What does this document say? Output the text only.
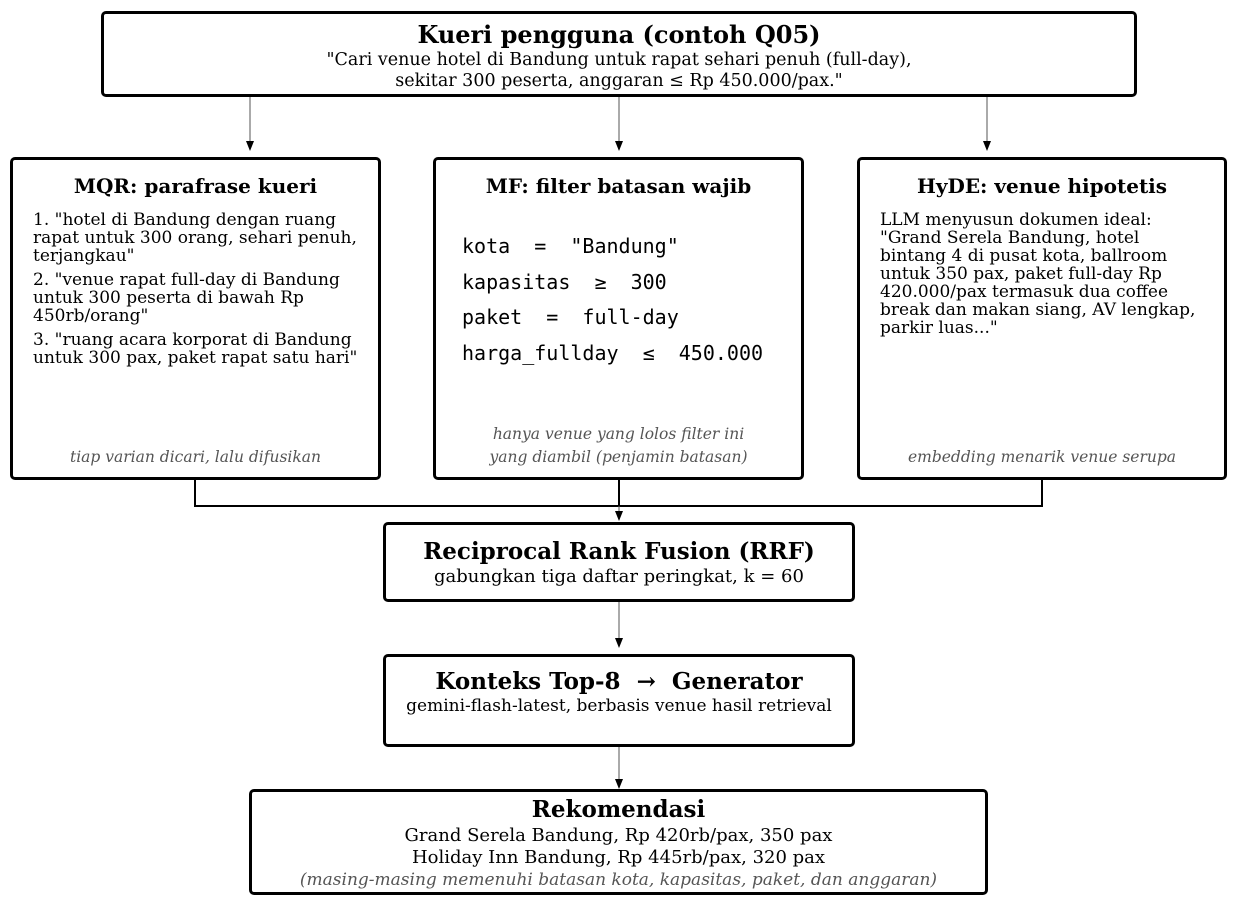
Kueri pengguna (contoh Q05)
"Cari venue hotel di Bandung untuk rapat sehari penuh (full-day),
sekitar 300 peserta, anggaran ≤ Rp 450.000/pax."
MQR: parafrase kueri

1. "hotel di Bandung dengan ruang rapat untuk 300 orang, sehari penuh, terjangkau"

2. "venue rapat full-day di Bandung untuk 300 peserta di bawah Rp 450rb/orang"

3. "ruang acara korporat di Bandung untuk 300 pax, paket rapat satu hari"

tiap varian dicari, lalu difusikan
MF: filter batasan wajib
kota  =  "Bandung"
kapasitas  ≥  300
paket  =  full-day
harga_fullday  ≤  450.000
hanya venue yang lolos filter ini
yang diambil (penjamin batasan)
HyDE: venue hipotetis
LLM menyusun dokumen ideal: "Grand Serela Bandung, hotel bintang 4 di pusat kota, ballroom untuk 350 pax, paket full-day Rp 420.000/pax termasuk dua coffee break dan makan siang, AV lengkap, parkir luas..."
embedding menarik venue serupa
Reciprocal Rank Fusion (RRF)
gabungkan tiga daftar peringkat, k = 60
Konteks Top-8  →  Generator
gemini-flash-latest, berbasis venue hasil retrieval
Rekomendasi
Grand Serela Bandung, Rp 420rb/pax, 350 pax
Holiday Inn Bandung, Rp 445rb/pax, 320 pax
(masing-masing memenuhi batasan kota, kapasitas, paket, dan anggaran)
